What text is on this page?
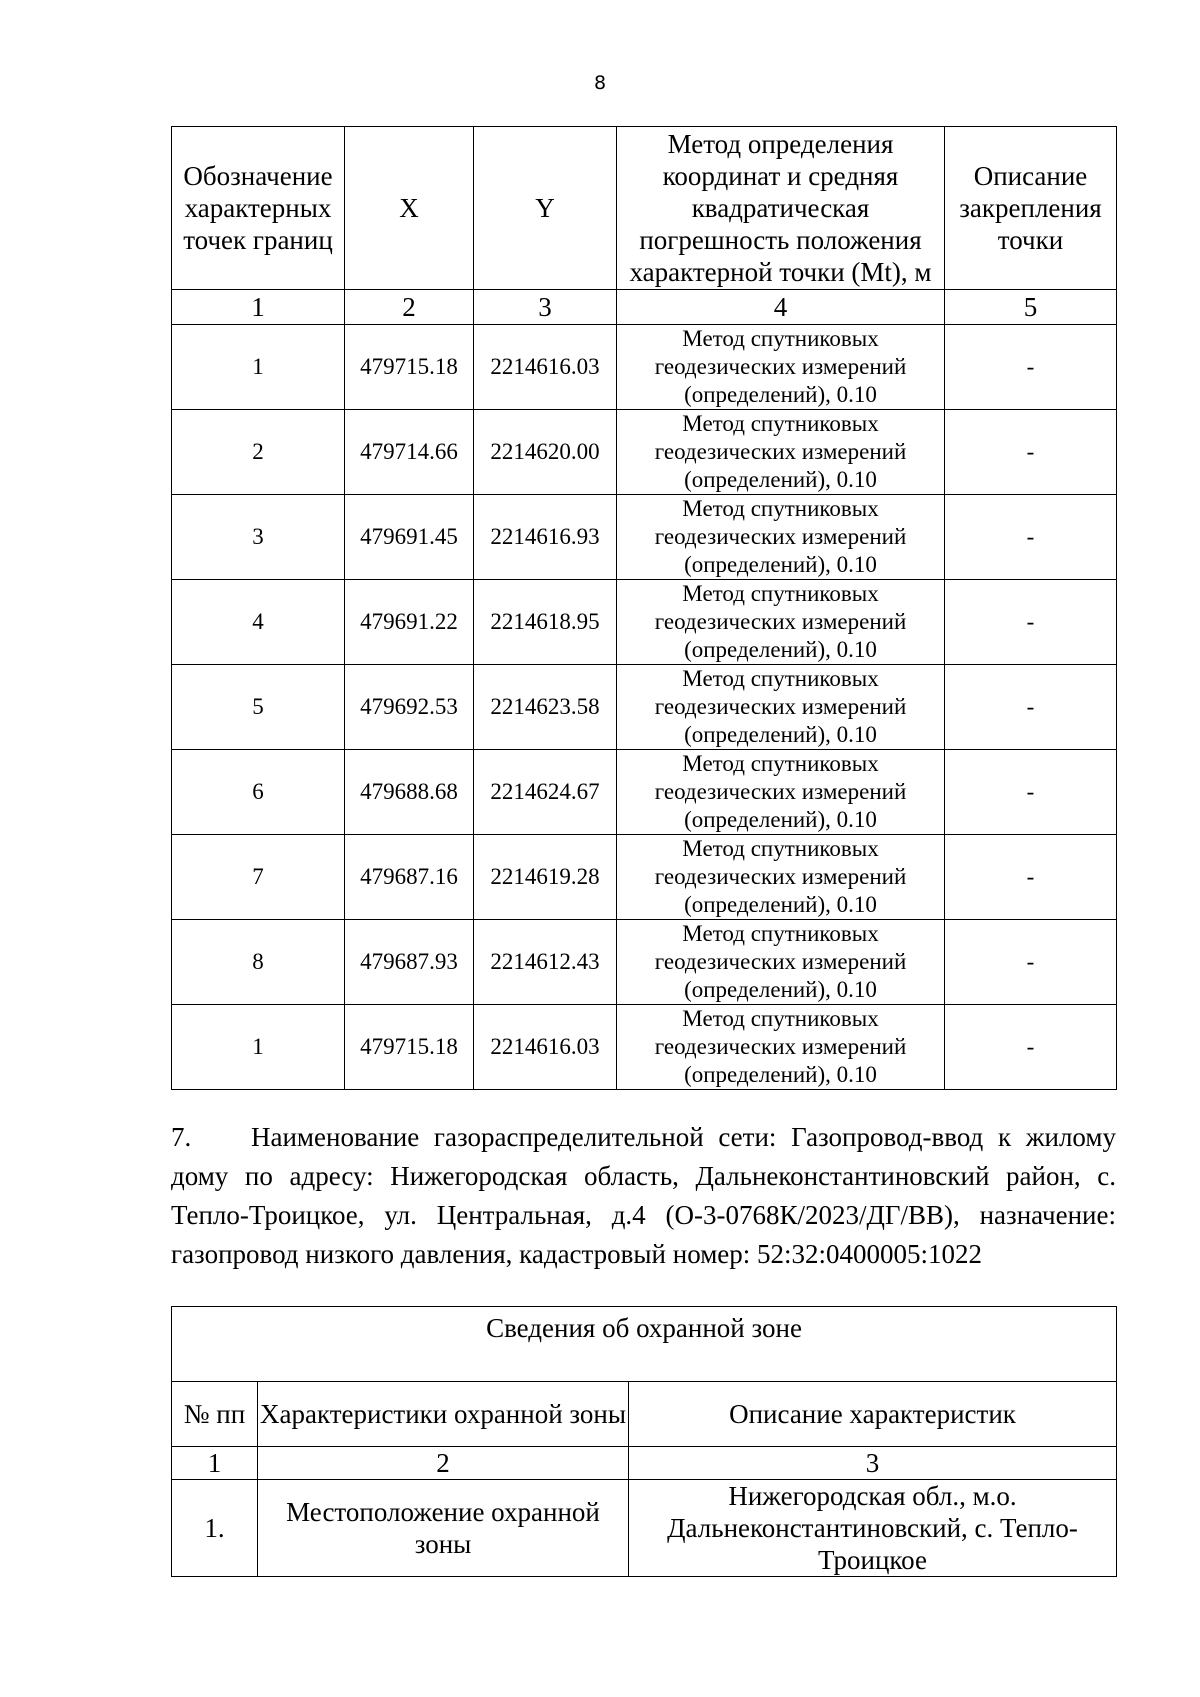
8
Обозначение характерных точек границ	X	Y	Метод определения координат и средняя квадратическая погрешность положения характерной точки (Mt), м	Описание закрепления точки
1	2	3	4	5
1	479715.18	2214616.03	Метод спутниковых геодезических измерений (определений), 0.10	-
2	479714.66	2214620.00	Метод спутниковых геодезических измерений (определений), 0.10	-
3	479691.45	2214616.93	Метод спутниковых геодезических измерений (определений), 0.10	-
4	479691.22	2214618.95	Метод спутниковых геодезических измерений (определений), 0.10	-
5	479692.53	2214623.58	Метод спутниковых геодезических измерений (определений), 0.10	-
6	479688.68	2214624.67	Метод спутниковых геодезических измерений (определений), 0.10	-
7	479687.16	2214619.28	Метод спутниковых геодезических измерений (определений), 0.10	-
8	479687.93	2214612.43	Метод спутниковых геодезических измерений (определений), 0.10	-
1	479715.18	2214616.03	Метод спутниковых геодезических измерений (определений), 0.10	-
7. Наименование газораспределительной сети: Газопровод-ввод к жилому дому по адресу: Нижегородская область, Дальнеконстантиновский район, с. Тепло-Троицкое, ул. Центральная, д.4 (О-3-0768К/2023/ДГ/ВВ), назначение: газопровод низкого давления, кадастровый номер: 52:32:0400005:1022
Сведения об охранной зоне		
№ пп	Характеристики охранной зоны	Описание характеристик
1	2	3
1.	Местоположение охранной зоны	Нижегородская обл., м.о. Дальнеконстантиновский, с. Тепло-Троицкое
